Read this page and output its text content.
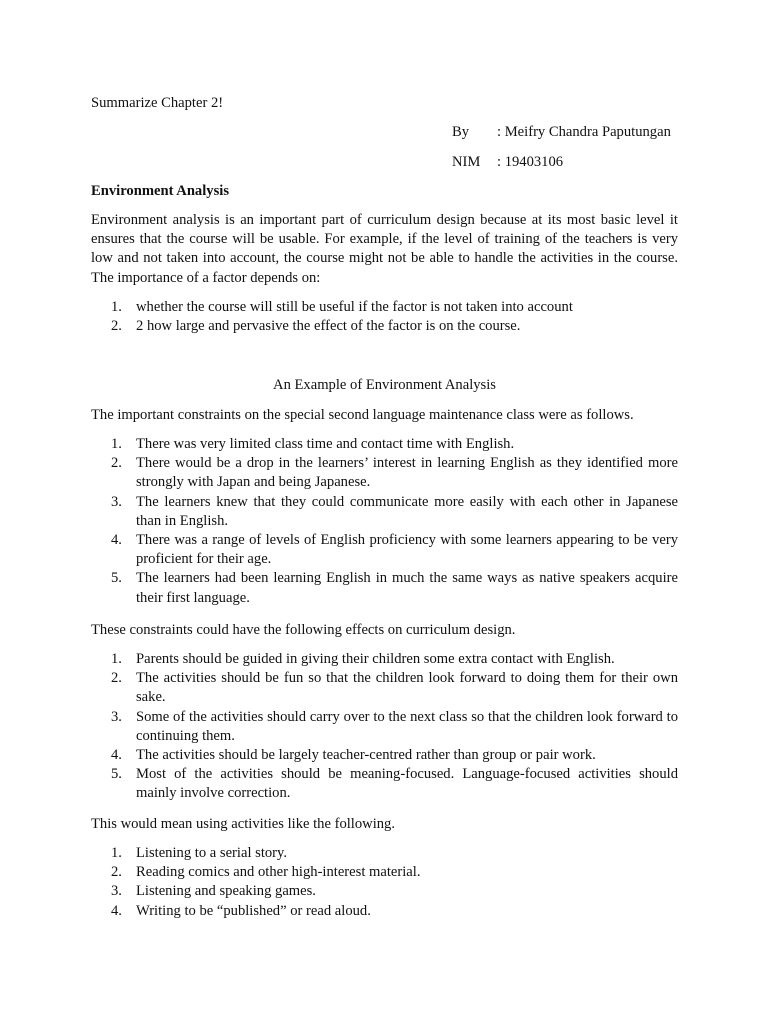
Summarize Chapter 2!
By : Meifry Chandra Paputungan
NIM : 19403106
Environment Analysis
Environment analysis is an important part of curriculum design because at its most basic level it ensures that the course will be usable. For example, if the level of training of the teachers is very low and not taken into account, the course might not be able to handle the activities in the course. The importance of a factor depends on:
1. whether the course will still be useful if the factor is not taken into account
2. 2 how large and pervasive the effect of the factor is on the course.
An Example of Environment Analysis
The important constraints on the special second language maintenance class were as follows.
1. There was very limited class time and contact time with English.
2. There would be a drop in the learners’ interest in learning English as they identified more strongly with Japan and being Japanese.
3. The learners knew that they could communicate more easily with each other in Japanese than in English.
4. There was a range of levels of English proficiency with some learners appearing to be very proficient for their age.
5. The learners had been learning English in much the same ways as native speakers acquire their first language.
These constraints could have the following effects on curriculum design.
1. Parents should be guided in giving their children some extra contact with English.
2. The activities should be fun so that the children look forward to doing them for their own sake.
3. Some of the activities should carry over to the next class so that the children look forward to continuing them.
4. The activities should be largely teacher-centred rather than group or pair work.
5. Most of the activities should be meaning-focused. Language-focused activities should mainly involve correction.
This would mean using activities like the following.
1. Listening to a serial story.
2. Reading comics and other high-interest material.
3. Listening and speaking games.
4. Writing to be “published” or read aloud.
